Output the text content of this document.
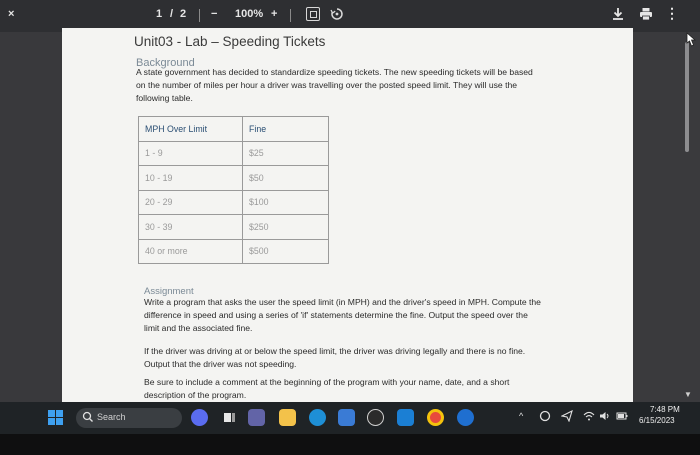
×	1 / 2 − 100% +	⋮
▼
Unit03 - Lab – Speeding Tickets
Background
A state government has decided to standardize speeding tickets. The new speeding tickets will be based
on the number of miles per hour a driver was travelling over the posted speed limit. They will use the
following table.
MPH Over Limit	Fine
1 - 9	$25
10 - 19	$50
20 - 29	$100
30 - 39	$250
40 or more	$500
Assignment
Write a program that asks the user the speed limit (in MPH) and the driver's speed in MPH. Compute the
difference in speed and using a series of 'if' statements determine the fine. Output the speed over the
limit and the associated fine.
If the driver was driving at or below the speed limit, the driver was driving legally and there is no fine.
Output that the driver was not speeding.
Be sure to include a comment at the beginning of the program with your name, date, and a short
description of the program.
Search	^
7:48 PM
6/15/2023
